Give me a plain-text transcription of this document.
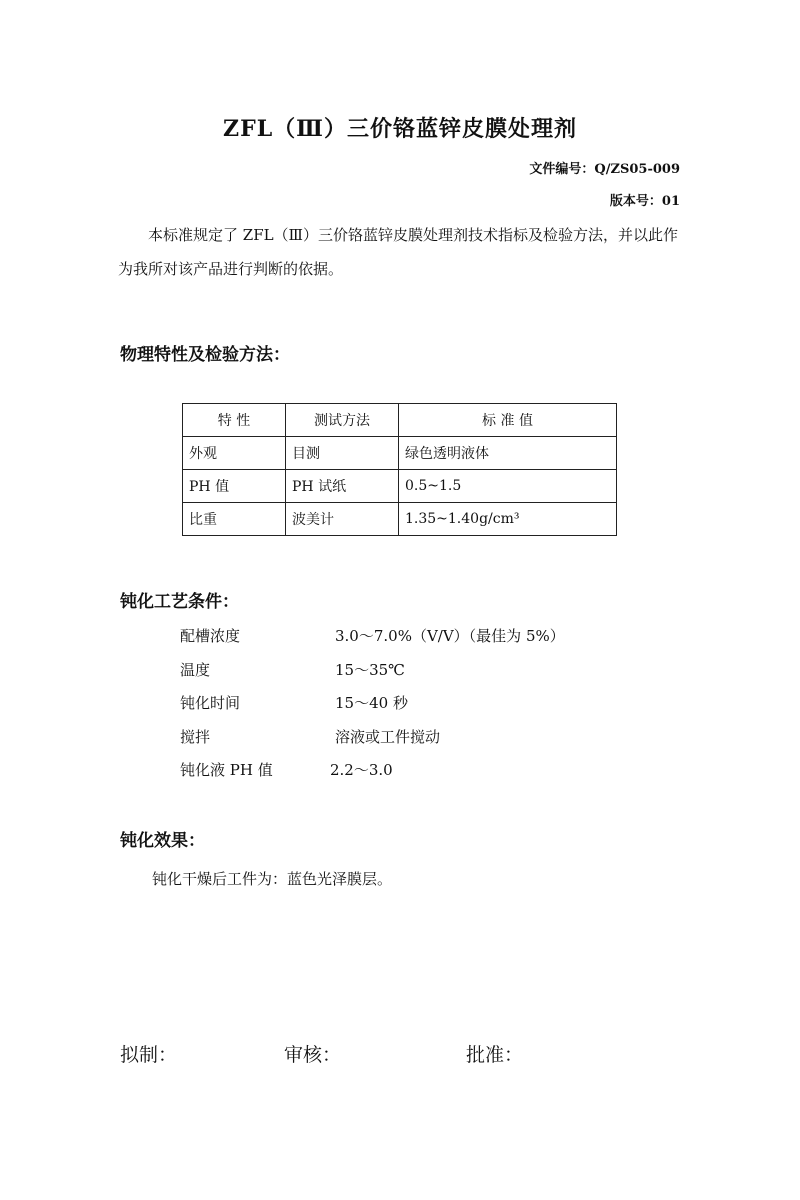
ZFL（Ⅲ）三价铬蓝锌皮膜处理剂
文件编号：Q/ZS05-009
版本号：01

本标准规定了 ZFL（Ⅲ）三价铬蓝锌皮膜处理剂技术指标及检验方法，并以此作为我所对该产品进行判断的依据。

物理特性及检验方法：
特 性	测试方法	标 准 值
外观	目测	绿色透明液体
PH 值	PH 试纸	0.5~1.5
比重	波美计	1.35~1.40g/cm³
钝化工艺条件：
配槽浓度	3.0～7.0%（V/V）（最佳为 5%）
温度	15～35℃
钝化时间	15～40 秒
搅拌	溶液或工件搅动
钝化液 PH 值	2.2～3.0
钝化效果：
钝化干燥后工件为：蓝色光泽膜层。
拟制：	审核：	批准：
